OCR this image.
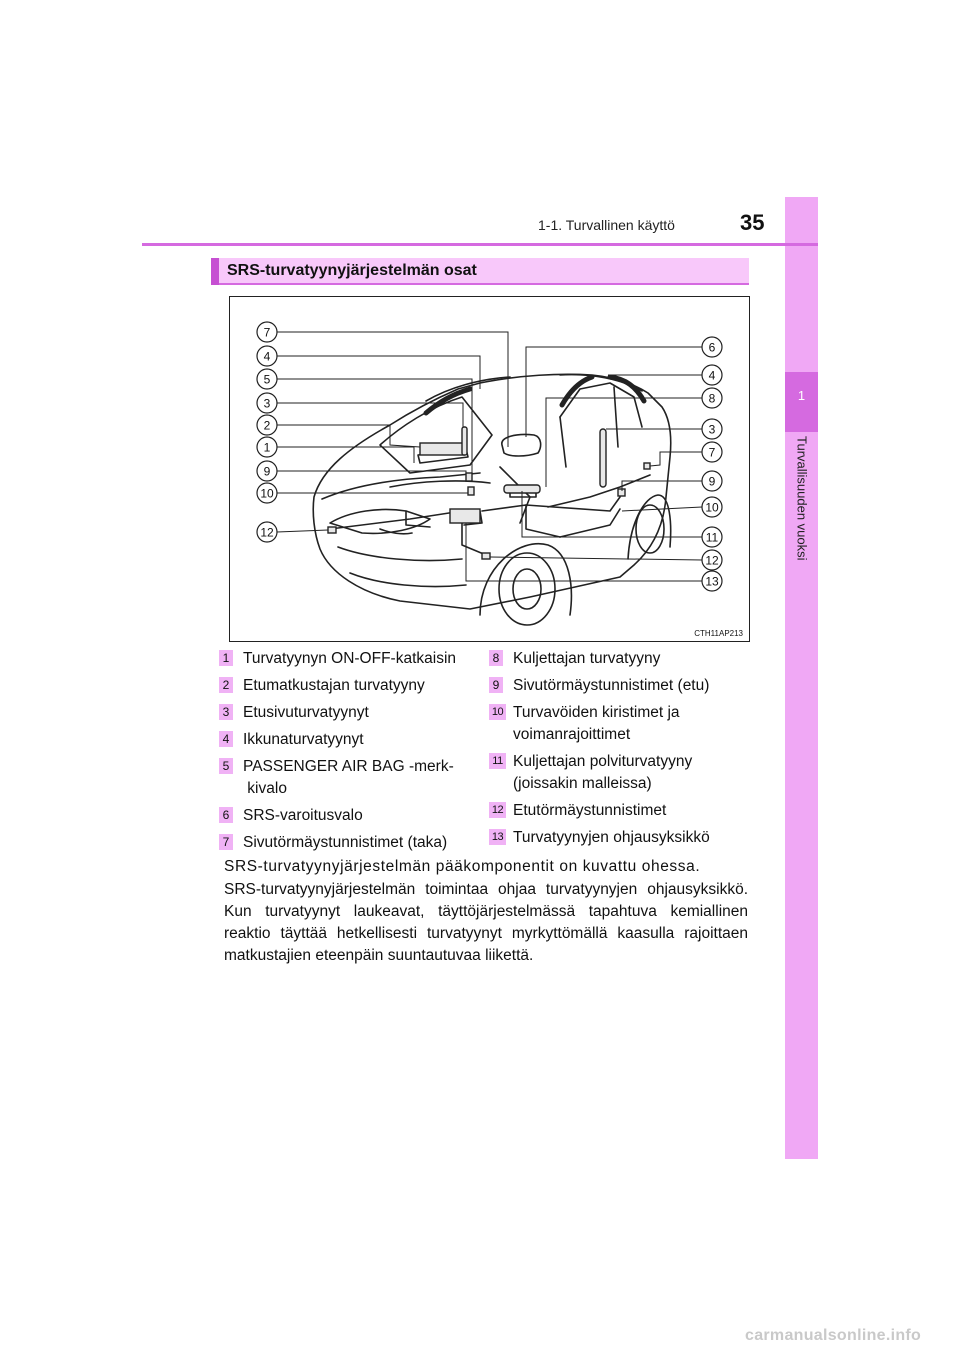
1
Turvallisuuden vuoksi
1-1. Turvallinen käyttö	35
SRS-turvatyynyjärjestelmän osat
7
4
5
3
2
1
9
10
12
6
4
8
3
7
9
10
11
12
13
CTH11AP213
1 Turvatyynyn ON-OFF-katkaisin
2 Etumatkustajan turvatyyny
3 Etusivuturvatyynyt
4 Ikkunaturvatyynyt
5 PASSENGER AIR BAG -merk- kivalo
6 SRS-varoitusvalo
7 Sivutörmäystunnistimet (taka)
8 Kuljettajan turvatyyny
9 Sivutörmäystunnistimet (etu)
10 Turvavöiden kiristimet ja voimanrajoittimet
11 Kuljettajan polviturvatyyny (joissakin malleissa)
12 Etutörmäystunnistimet
13 Turvatyynyjen ohjausyksikkö

SRS-turvatyynyjärjestelmän pääkomponentit on kuvattu ohessa.

SRS-turvatyynyjärjestelmän toimintaa ohjaa turvatyynyjen ohjausyksikkö. Kun turvatyynyt laukeavat, täyttöjärjestelmässä tapahtuva kemiallinen reaktio täyttää hetkellisesti turvatyynyt myrkyttömällä kaasulla rajoittaen matkustajien eteenpäin suuntautuvaa liikettä.

carmanualsonline.info
